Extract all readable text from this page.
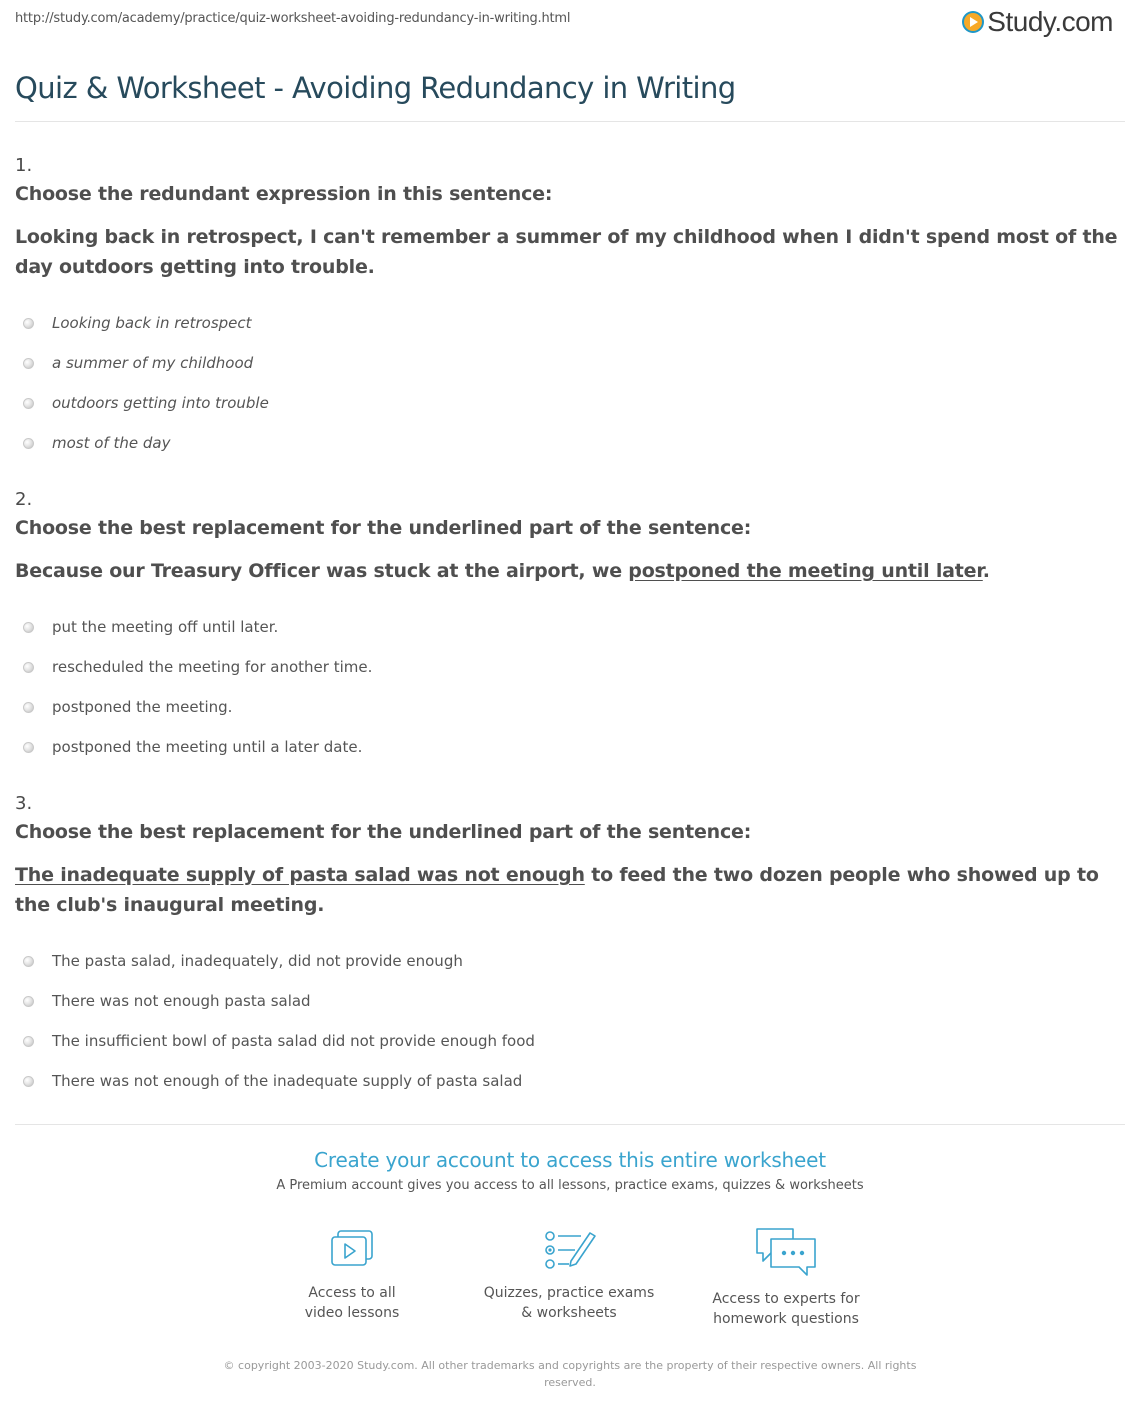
http://study.com/academy/practice/quiz-worksheet-avoiding-redundancy-in-writing.html	Study.com
Quiz & Worksheet - Avoiding Redundancy in Writing
1.
Choose the redundant expression in this sentence:
Looking back in retrospect, I can't remember a summer of my childhood when I didn't spend most of the day outdoors getting into trouble.
Looking back in retrospect
a summer of my childhood
outdoors getting into trouble
most of the day
2.
Choose the best replacement for the underlined part of the sentence:
Because our Treasury Officer was stuck at the airport, we postponed the meeting until later.
put the meeting off until later.
rescheduled the meeting for another time.
postponed the meeting.
postponed the meeting until a later date.
3.
Choose the best replacement for the underlined part of the sentence:
The inadequate supply of pasta salad was not enough to feed the two dozen people who showed up to the club's inaugural meeting.
The pasta salad, inadequately, did not provide enough
There was not enough pasta salad
The insufficient bowl of pasta salad did not provide enough food
There was not enough of the inadequate supply of pasta salad
Create your account to access this entire worksheet
A Premium account gives you access to all lessons, practice exams, quizzes & worksheets
Access to all
video lessons
Quizzes, practice exams
& worksheets
Access to experts for
homework questions
© copyright 2003-2020 Study.com. All other trademarks and copyrights are the property of their respective owners. All rights reserved.
